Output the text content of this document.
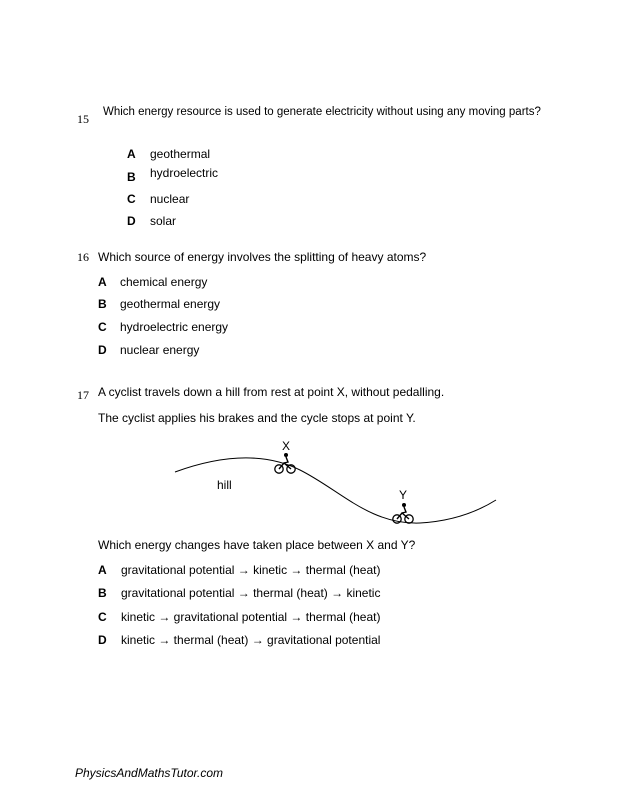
15 Which energy resource is used to generate electricity without using any moving parts?
A geothermal
B hydroelectric
C nuclear
D solar
16 Which source of energy involves the splitting of heavy atoms?
A chemical energy
B geothermal energy
C hydroelectric energy
D nuclear energy
17 A cyclist travels down a hill from rest at point X, without pedalling.
The cyclist applies his brakes and the cycle stops at point Y.
X
Y
hill
Which energy changes have taken place between X and Y?
A gravitational potential → kinetic → thermal (heat)
B gravitational potential → thermal (heat) → kinetic
C kinetic → gravitational potential → thermal (heat)
D kinetic → thermal (heat) → gravitational potential
PhysicsAndMathsTutor.com
